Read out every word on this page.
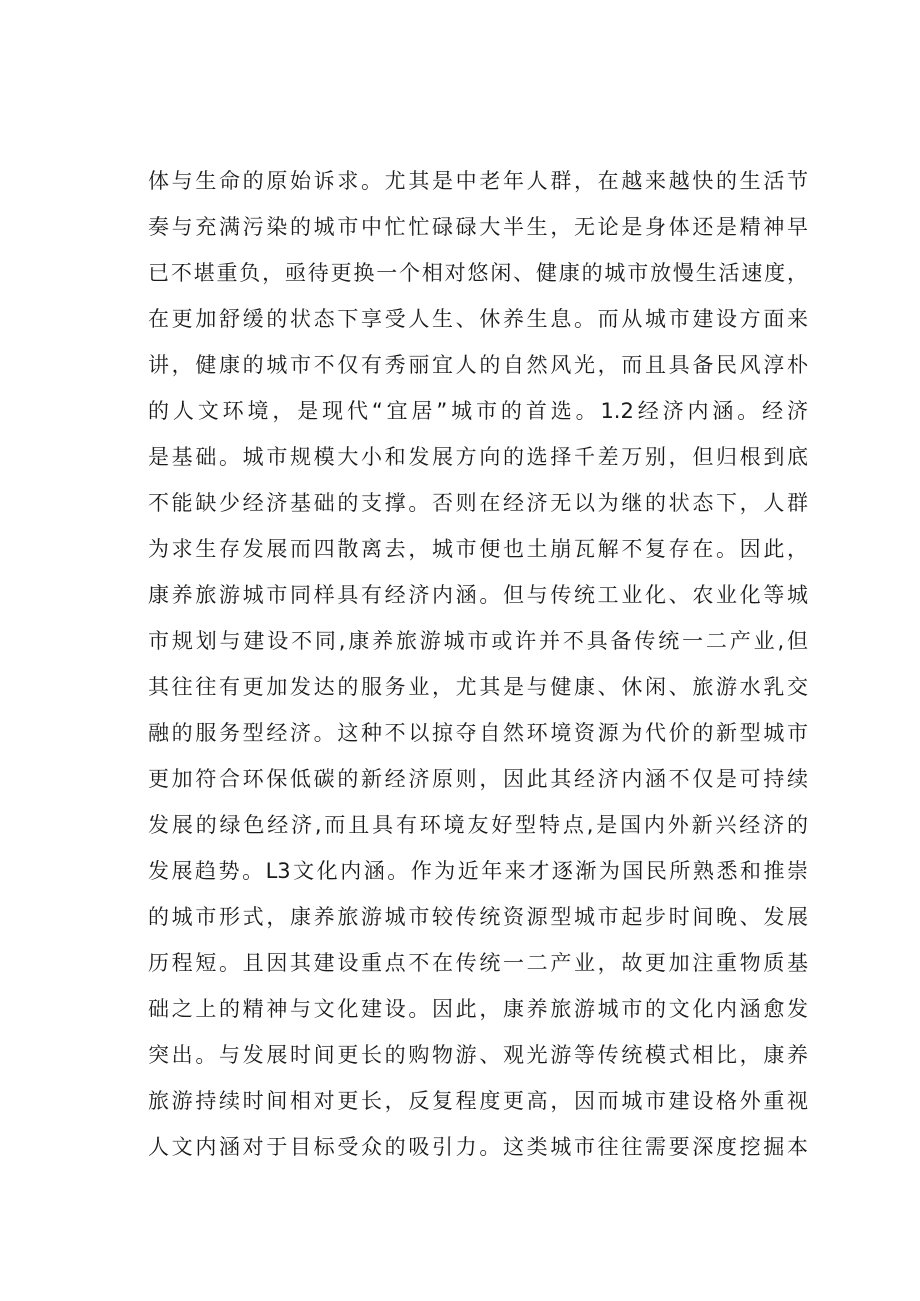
体与生命的原始诉求。尤其是中老年人群，在越来越快的生活节
奏与充满污染的城市中忙忙碌碌大半生，无论是身体还是精神早
已不堪重负，亟待更换一个相对悠闲、健康的城市放慢生活速度，
在更加舒缓的状态下享受人生、休养生息。而从城市建设方面来
讲，健康的城市不仅有秀丽宜人的自然风光，而且具备民风淳朴
的人文环境，是现代“宜居”城市的首选。1.2经济内涵。经济
是基础。城市规模大小和发展方向的选择千差万别，但归根到底
不能缺少经济基础的支撑。否则在经济无以为继的状态下，人群
为求生存发展而四散离去，城市便也土崩瓦解不复存在。因此，
康养旅游城市同样具有经济内涵。但与传统工业化、农业化等城
市规划与建设不同,康养旅游城市或许并不具备传统一二产业,但
其往往有更加发达的服务业，尤其是与健康、休闲、旅游水乳交
融的服务型经济。这种不以掠夺自然环境资源为代价的新型城市
更加符合环保低碳的新经济原则，因此其经济内涵不仅是可持续
发展的绿色经济,而且具有环境友好型特点,是国内外新兴经济的
发展趋势。L3文化内涵。作为近年来才逐渐为国民所熟悉和推崇
的城市形式，康养旅游城市较传统资源型城市起步时间晚、发展
历程短。且因其建设重点不在传统一二产业，故更加注重物质基
础之上的精神与文化建设。因此，康养旅游城市的文化内涵愈发
突出。与发展时间更长的购物游、观光游等传统模式相比，康养
旅游持续时间相对更长，反复程度更高，因而城市建设格外重视
人文内涵对于目标受众的吸引力。这类城市往往需要深度挖掘本
